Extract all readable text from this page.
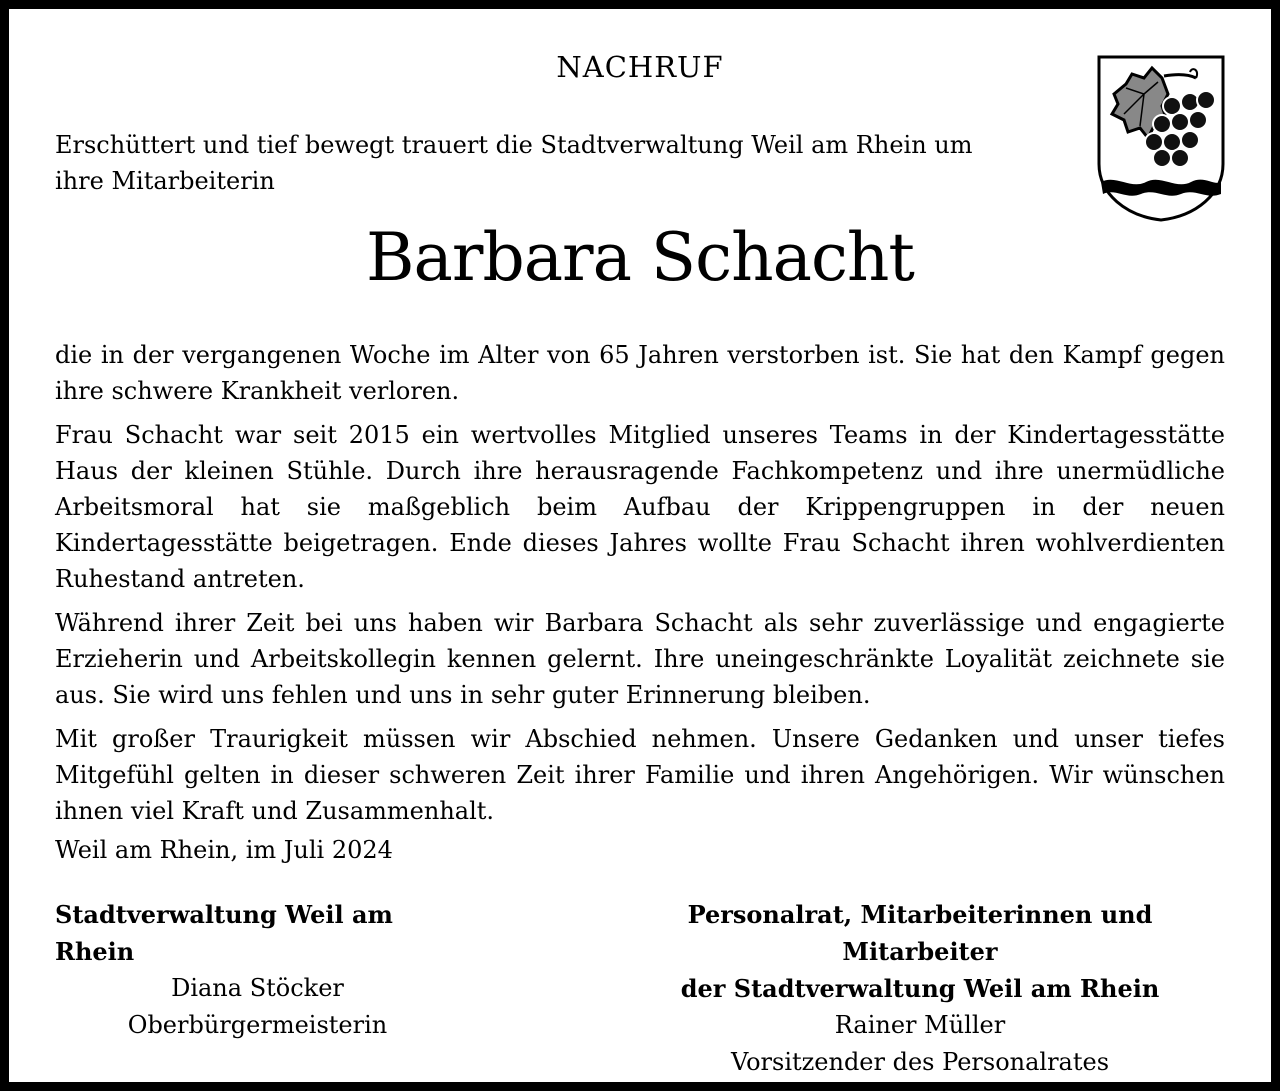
NACHRUF
Erschüttert und tief bewegt trauert die Stadtverwaltung Weil am Rhein um ihre Mitarbeiterin
Barbara Schacht

die in der vergangenen Woche im Alter von 65 Jahren verstorben ist. Sie hat den Kampf gegen ihre schwere Krankheit verloren.

Frau Schacht war seit 2015 ein wertvolles Mitglied unseres Teams in der Kindertagesstätte Haus der kleinen Stühle. Durch ihre herausragende Fachkompetenz und ihre unermüdliche Arbeitsmoral hat sie maßgeblich beim Aufbau der Krippengruppen in der neuen Kindertagesstätte beigetragen. Ende dieses Jahres wollte Frau Schacht ihren wohlverdienten Ruhestand antreten.

Während ihrer Zeit bei uns haben wir Barbara Schacht als sehr zuverlässige und engagierte Erzieherin und Arbeitskollegin kennen gelernt. Ihre uneingeschränkte Loyalität zeichnete sie aus. Sie wird uns fehlen und uns in sehr guter Erinnerung bleiben.

Mit großer Traurigkeit müssen wir Abschied nehmen. Unsere Gedanken und unser tiefes Mitgefühl gelten in dieser schweren Zeit ihrer Familie und ihren Angehörigen. Wir wünschen ihnen viel Kraft und Zusammenhalt.

Weil am Rhein, im Juli 2024
Stadtverwaltung Weil am Rhein
Diana Stöcker
Oberbürgermeisterin
Personalrat, Mitarbeiterinnen und Mitarbeiter
der Stadtverwaltung Weil am Rhein
Rainer Müller
Vorsitzender des Personalrates
